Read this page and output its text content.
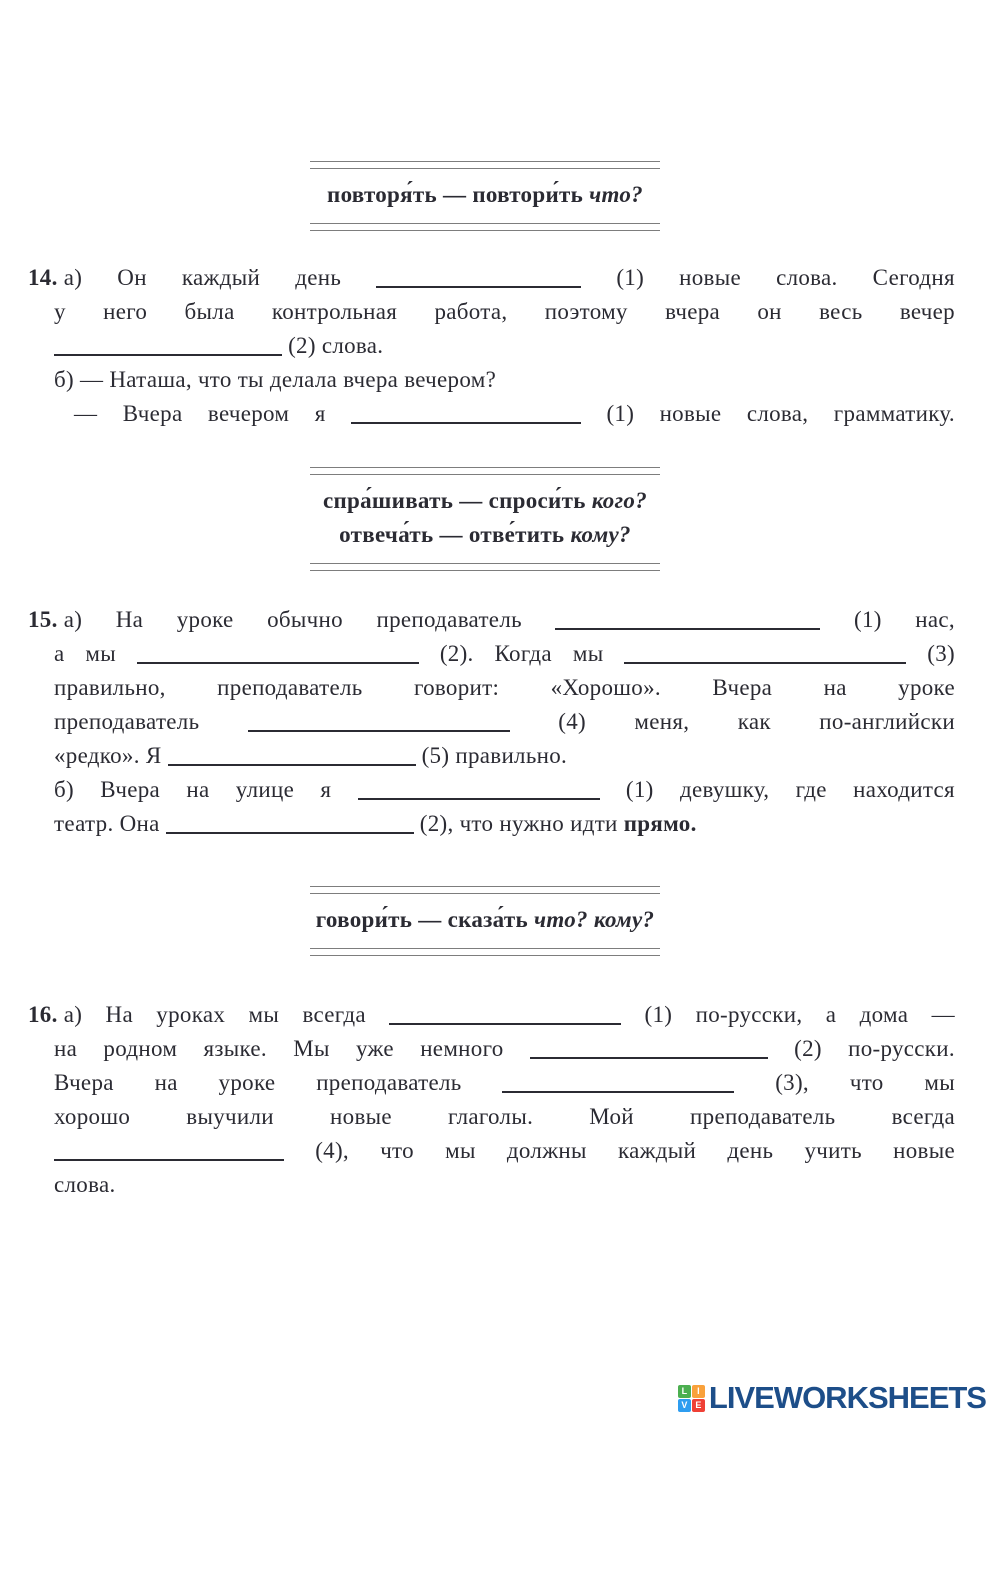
повторя́ть — повтори́ть что?
14. а) Он каждый день	(1) новые слова. Сегодня
у него была контрольная работа, поэтому вчера он весь вечер
(2) слова.
б) — Наташа, что ты делала вчера вечером?
— Вчера вечером я	(1) новые слова, грамматику.
спра́шивать — спроси́ть кого?
отвеча́ть — отве́тить кому?
15. а) На уроке обычно преподаватель	(1) нас,
а мы	(2). Когда мы	(3)
правильно, преподаватель говорит: «Хорошо». Вчера на уроке
преподаватель	(4) меня, как по-английски
«редко». Я	(5) правильно.
б) Вчера на улице я	(1) девушку, где находится
театр. Она	(2), что нужно идти прямо.
говори́ть — сказа́ть что? кому?
16. а) На уроках мы всегда	(1) по-русски, а дома —
на родном языке. Мы уже немного	(2) по-русски.
Вчера на уроке преподаватель	(3), что мы
хорошо выучили новые глаголы. Мой преподаватель всегда
(4), что мы должны каждый день учить новые
слова.
L	I
V E LIVEWORKSHEETS
